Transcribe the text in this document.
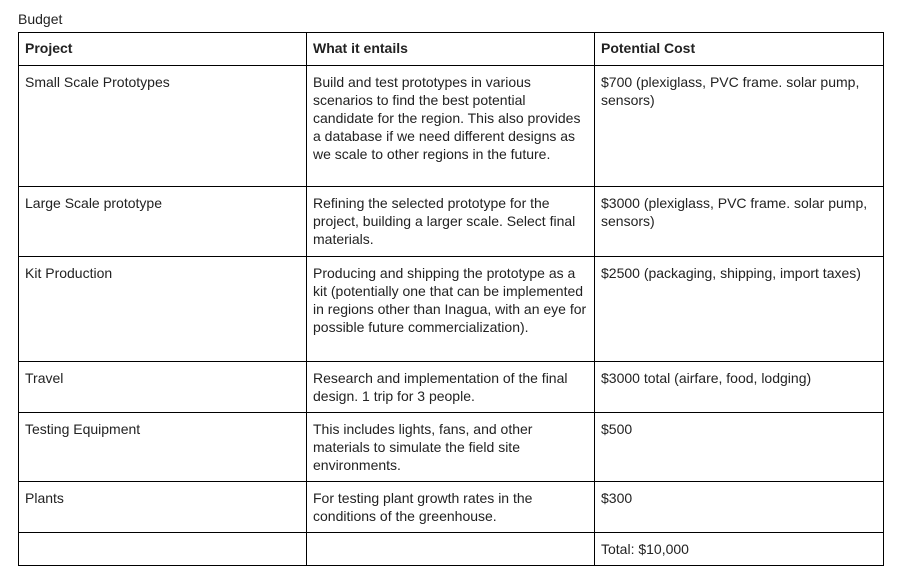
Budget
Project	What it entails	Potential Cost
Small Scale Prototypes	Build and test prototypes in various scenarios to find the best potential candidate for the region. This also provides a database if we need different designs as we scale to other regions in the future.	$700 (plexiglass, PVC frame. solar pump, sensors)
Large Scale prototype	Refining the selected prototype for the project, building a larger scale. Select final materials.	$3000 (plexiglass, PVC frame. solar pump, sensors)
Kit Production	Producing and shipping the prototype as a kit (potentially one that can be implemented in regions other than Inagua, with an eye for possible future commercialization).	$2500 (packaging, shipping, import taxes)
Travel	Research and implementation of the final design. 1 trip for 3 people.	$3000 total (airfare, food, lodging)
Testing Equipment	This includes lights, fans, and other materials to simulate the field site environments.	$500
Plants	For testing plant growth rates in the conditions of the greenhouse.	$300
		Total: $10,000
